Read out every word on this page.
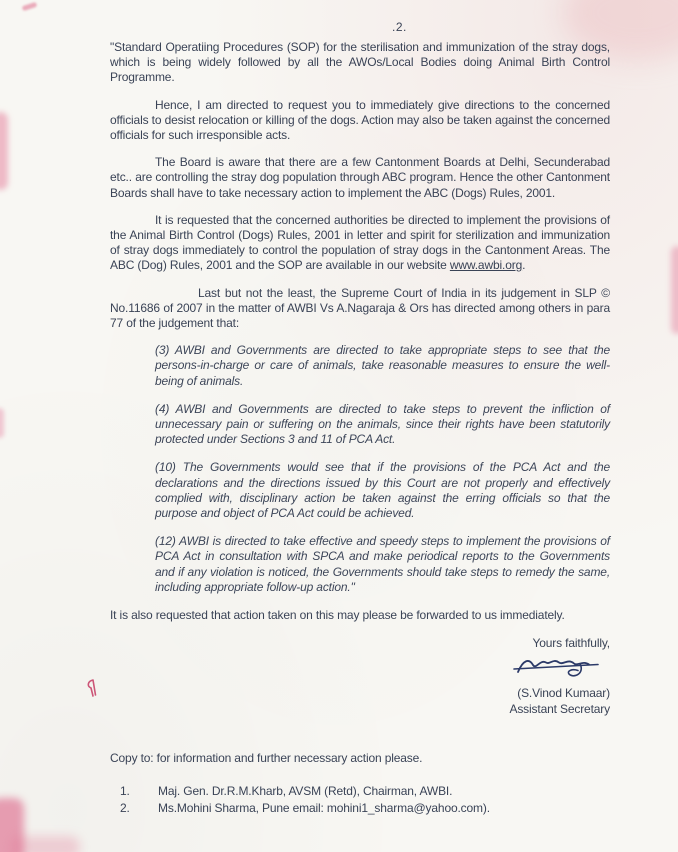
.2.

"Standard Operatiing Procedures (SOP) for the sterilisation and immunization of the stray dogs, which is being widely followed by all the AWOs/Local Bodies doing Animal Birth Control Programme.

Hence, I am directed to request you to immediately give directions to the concerned officials to desist relocation or killing of the dogs. Action may also be taken against the concerned officials for such irresponsible acts.

The Board is aware that there are a few Cantonment Boards at Delhi, Secunderabad etc.. are controlling the stray dog population through ABC program. Hence the other Cantonment Boards shall have to take necessary action to implement the ABC (Dogs) Rules, 2001.

It is requested that the concerned authorities be directed to implement the provisions of the Animal Birth Control (Dogs) Rules, 2001 in letter and spirit for sterilization and immunization of stray dogs immediately to control the population of stray dogs in the Cantonment Areas. The ABC (Dog) Rules, 2001 and the SOP are available in our website www.awbi.org.

Last but not the least, the Supreme Court of India in its judgement in SLP © No.11686 of 2007 in the matter of AWBI Vs A.Nagaraja & Ors has directed among others in para 77 of the judgement that:

(3) AWBI and Governments are directed to take appropriate steps to see that the persons-in-charge or care of animals, take reasonable measures to ensure the well-being of animals.
(4) AWBI and Governments are directed to take steps to prevent the infliction of unnecessary pain or suffering on the animals, since their rights have been statutorily protected under Sections 3 and 11 of PCA Act.
(10) The Governments would see that if the provisions of the PCA Act and the declarations and the directions issued by this Court are not properly and effectively complied with, disciplinary action be taken against the erring officials so that the purpose and object of PCA Act could be achieved.
(12) AWBI is directed to take effective and speedy steps to implement the provisions of PCA Act in consultation with SPCA and make periodical reports to the Governments and if any violation is noticed, the Governments should take steps to remedy the same, including appropriate follow-up action."

It is also requested that action taken on this may please be forwarded to us immediately.

Yours faithfully,
(S.Vinod Kumaar)
Assistant Secretary
Copy to: for information and further necessary action please.
1.	Maj. Gen. Dr.R.M.Kharb, AVSM (Retd), Chairman, AWBI.
2.	Ms.Mohini Sharma, Pune email: mohini1_sharma@yahoo.com).
